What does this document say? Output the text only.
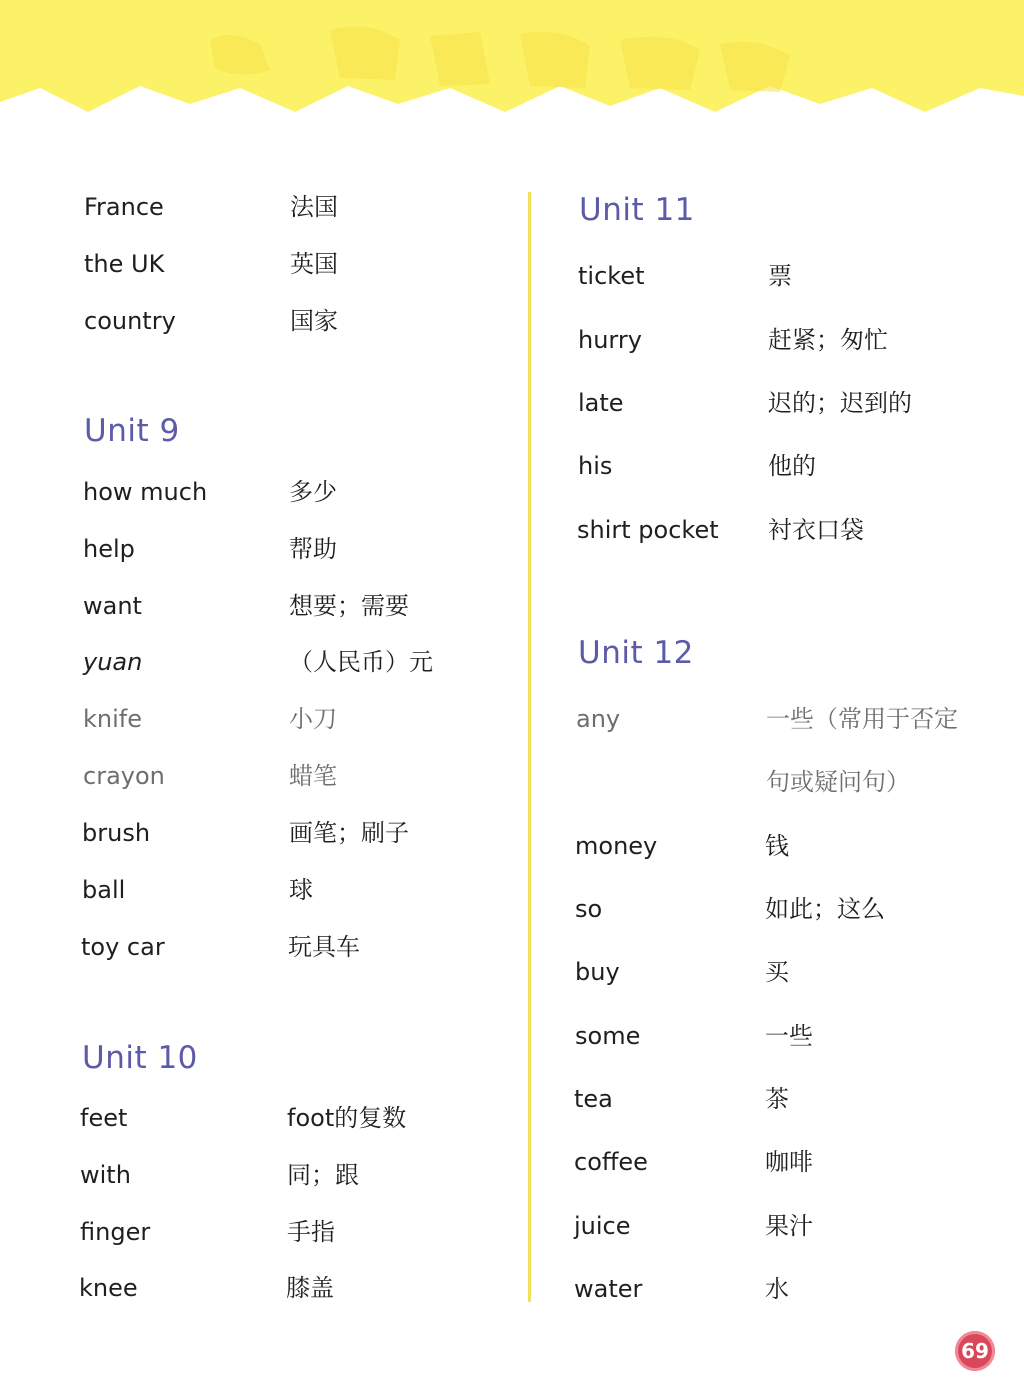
France	法国
the UK	英国
country	国家
Unit 9
how much	多少
help	帮助
want	想要；需要
yuan	（人民币）元
knife	小刀
crayon	蜡笔
brush	画笔；刷子
ball	球
toy car	玩具车
Unit 10
feet	foot的复数
with	同；跟
finger	手指
knee	膝盖
Unit 11
ticket	票
hurry	赶紧；匆忙
late	迟的；迟到的
his	他的
shirt pocket 衬衣口袋
Unit 12
any	一些（常用于否定
句或疑问句）
money	钱
so	如此；这么
buy	买
some	一些
tea	茶
coffee	咖啡
juice	果汁
water	水
69
